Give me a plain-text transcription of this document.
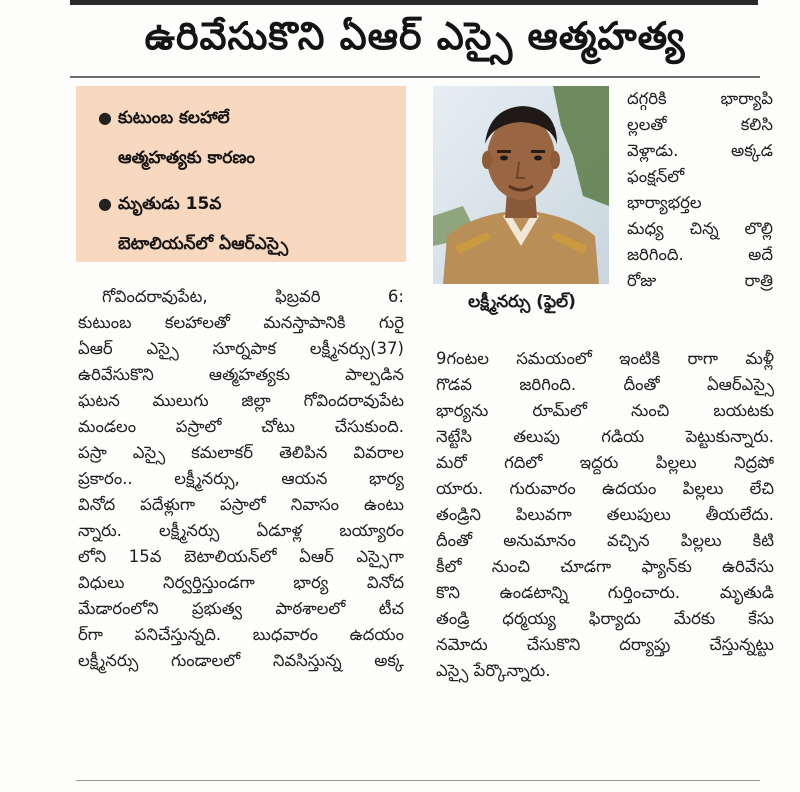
ఉరివేసుకొని ఏఆర్ ఎస్సై ఆత్మహత్య
● కుటుంబ కలహాలే
ఆత్మహత్యకు కారణం
● మృతుడు 15వ
బెటాలియన్‌లో ఏఆర్ఎస్సై
గోవిందరావుపేట, ఫిబ్రవరి 6:
కుటుంబ కలహాలతో మనస్తాపానికి గురై
ఏఆర్ ఎస్సై సూర్నపాక లక్ష్మీనర్సు(37)
ఉరివేసుకొని ఆత్మహత్యకు పాల్పడిన
ఘటన ములుగు జిల్లా గోవిందరావుపేట
మండలం పస్రాలో చోటు చేసుకుంది.
పస్రా ఎస్సై కమలాకర్ తెలిపిన వివరాల
ప్రకారం.. లక్ష్మీనర్సు, ఆయన భార్య
వినోద పదేళ్లుగా పస్రాలో నివాసం ఉంటు
న్నారు. లక్ష్మీనర్సు ఏడూళ్ల బయ్యారం
లోని 15వ బెటాలియన్‌లో ఏఆర్ ఎస్సైగా
విధులు నిర్వర్తిస్తుండగా భార్య వినోద
మేడారంలోని ప్రభుత్వ పాఠశాలలో టీచ
ర్‌గా పనిచేస్తున్నది. బుధవారం ఉదయం
లక్ష్మీనర్సు గుండాలలో నివసిస్తున్న అక్క
లక్ష్మీనర్సు (ఫైల్)
దగ్గరికి భార్యాపి
ల్లలతో కలిసి
వెళ్లాడు. అక్కడ
ఫంక్షన్‌లో
భార్యాభర్తల
మధ్య చిన్న లొల్లి
జరిగింది. అదే
రోజు రాత్రి
9గంటల సమయంలో ఇంటికి రాగా మళ్లీ
గొడవ జరిగింది. దీంతో ఏఆర్ఎస్సై
భార్యను రూమ్‌లో నుంచి బయటకు
నెట్టేసి తలుపు గడియ పెట్టుకున్నారు.
మరో గదిలో ఇద్దరు పిల్లలు నిద్రపో
యారు. గురువారం ఉదయం పిల్లలు లేచి
తండ్రిని పిలువగా తలుపులు తీయలేదు.
దీంతో అనుమానం వచ్చిన పిల్లలు కిటి
కీలో నుంచి చూడగా ఫ్యాన్‌కు ఉరివేసు
కొని ఉండటాన్ని గుర్తించారు. మృతుడి
తండ్రి ధర్మయ్య ఫిర్యాదు మేరకు కేసు
నమోదు చేసుకొని దర్యాప్తు చేస్తున్నట్టు
ఎస్సై పేర్కొన్నారు.
